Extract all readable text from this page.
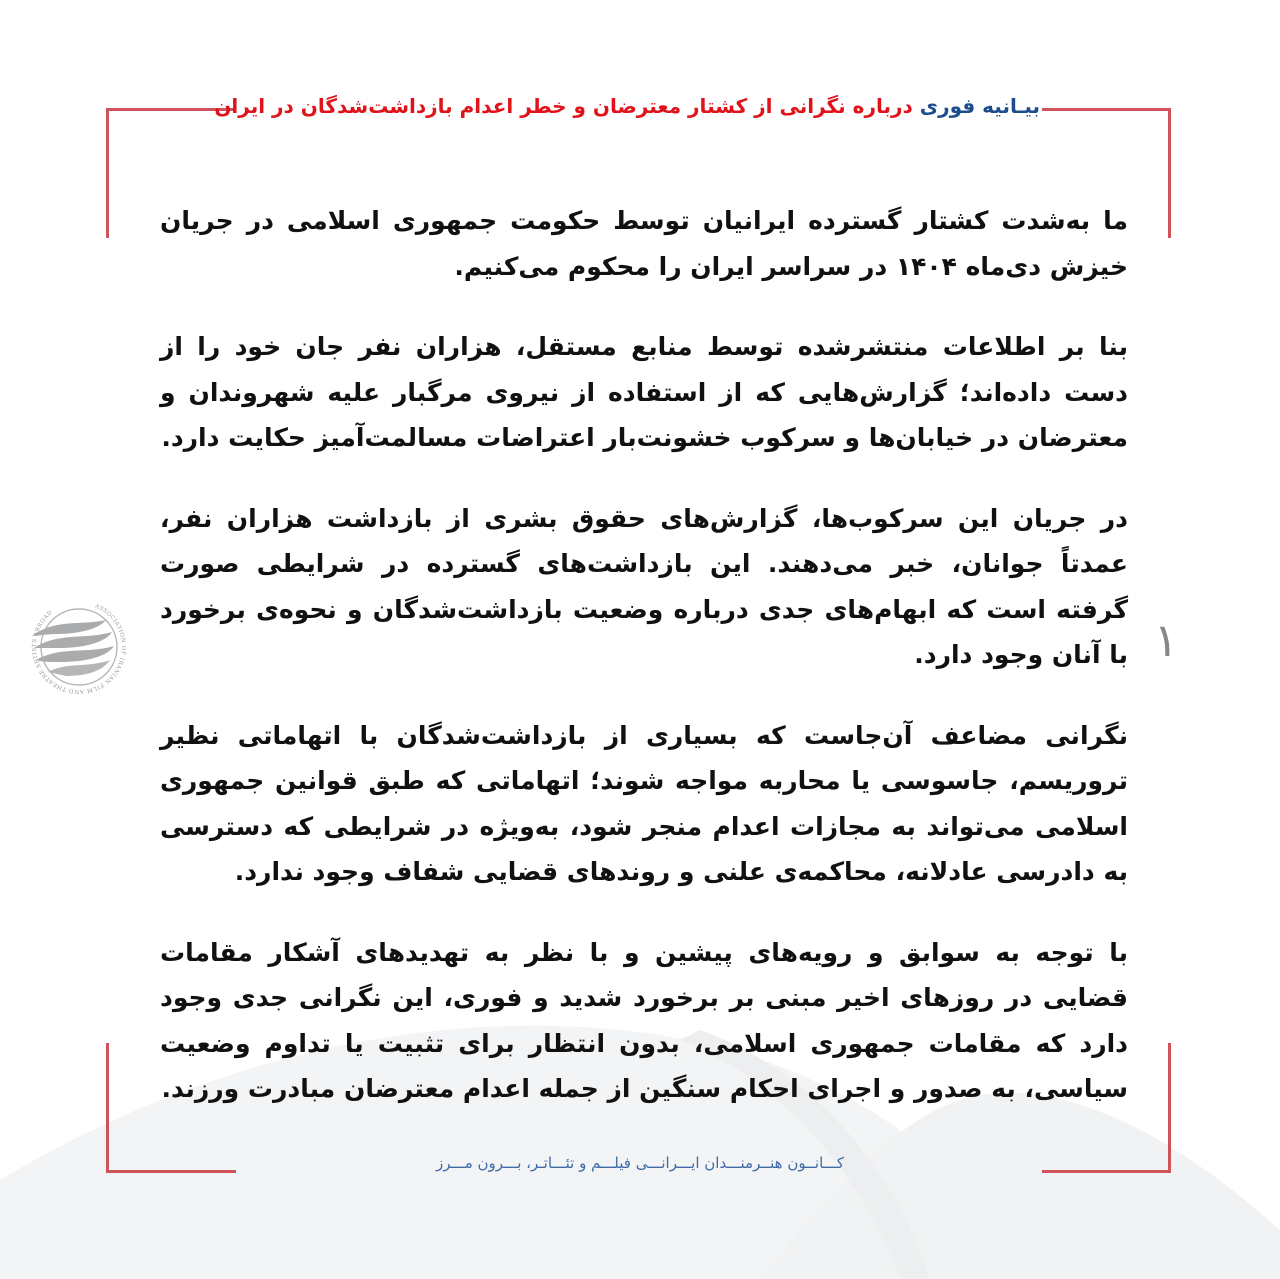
بیـانیه فوری درباره نگرانی از کشتار معترضان و خطر اعدام بازداشت‌شدگان در ایران

ما به‌شدت کشتار گسترده ایرانیان توسط حکومت جمهوری اسلامی در جریان خیزش دی‌ماه ۱۴۰۴ در سراسر ایران را محکوم می‌کنیم.

بنا بر اطلاعات منتشرشده توسط منابع مستقل، هزاران نفر جان خود را از دست داده‌اند؛ گزارش‌هایی که از استفاده از نیروی مرگبار علیه شهروندان و معترضان در خیابان‌ها و سرکوب خشونت‌بار اعتراضات مسالمت‌آمیز حکایت دارد.

در جریان این سرکوب‌ها، گزارش‌های حقوق بشری از بازداشت هزاران نفر، عمدتاً جوانان، خبر می‌دهند. این بازداشت‌های گسترده در شرایطی صورت گرفته است که ابهام‌های جدی درباره وضعیت بازداشت‌شدگان و نحوه‌ی برخورد با آنان وجود دارد.

نگرانی مضاعف آن‌جاست که بسیاری از بازداشت‌شدگان با اتهاماتی نظیر تروریسم، جاسوسی یا محاربه مواجه شوند؛ اتهاماتی که طبق قوانین جمهوری اسلامی می‌تواند به مجازات اعدام منجر شود، به‌ویژه در شرایطی که دسترسی به دادرسی عادلانه، محاکمه‌ی علنی و روندهای قضایی شفاف وجود ندارد.

با توجه به سوابق و رویه‌های پیشین و با نظر به تهدیدهای آشکار مقامات قضایی در روزهای اخیر مبنی بر برخورد شدید و فوری، این نگرانی جدی وجود دارد که مقامات جمهوری اسلامی، بدون انتظار برای تثبیت یا تداوم وضعیت سیاسی، به صدور و اجرای احکام سنگین از جمله اعدام معترضان مبادرت ورزند.

ASSOCIATION OF IRANIAN FILM AND THEATRE ARTISTS ABROAD	۱
کـــانــون هنــرمنـــدان ایـــرانـــی فیلـــم و تئـــاتـر، بـــرون مـــرز
